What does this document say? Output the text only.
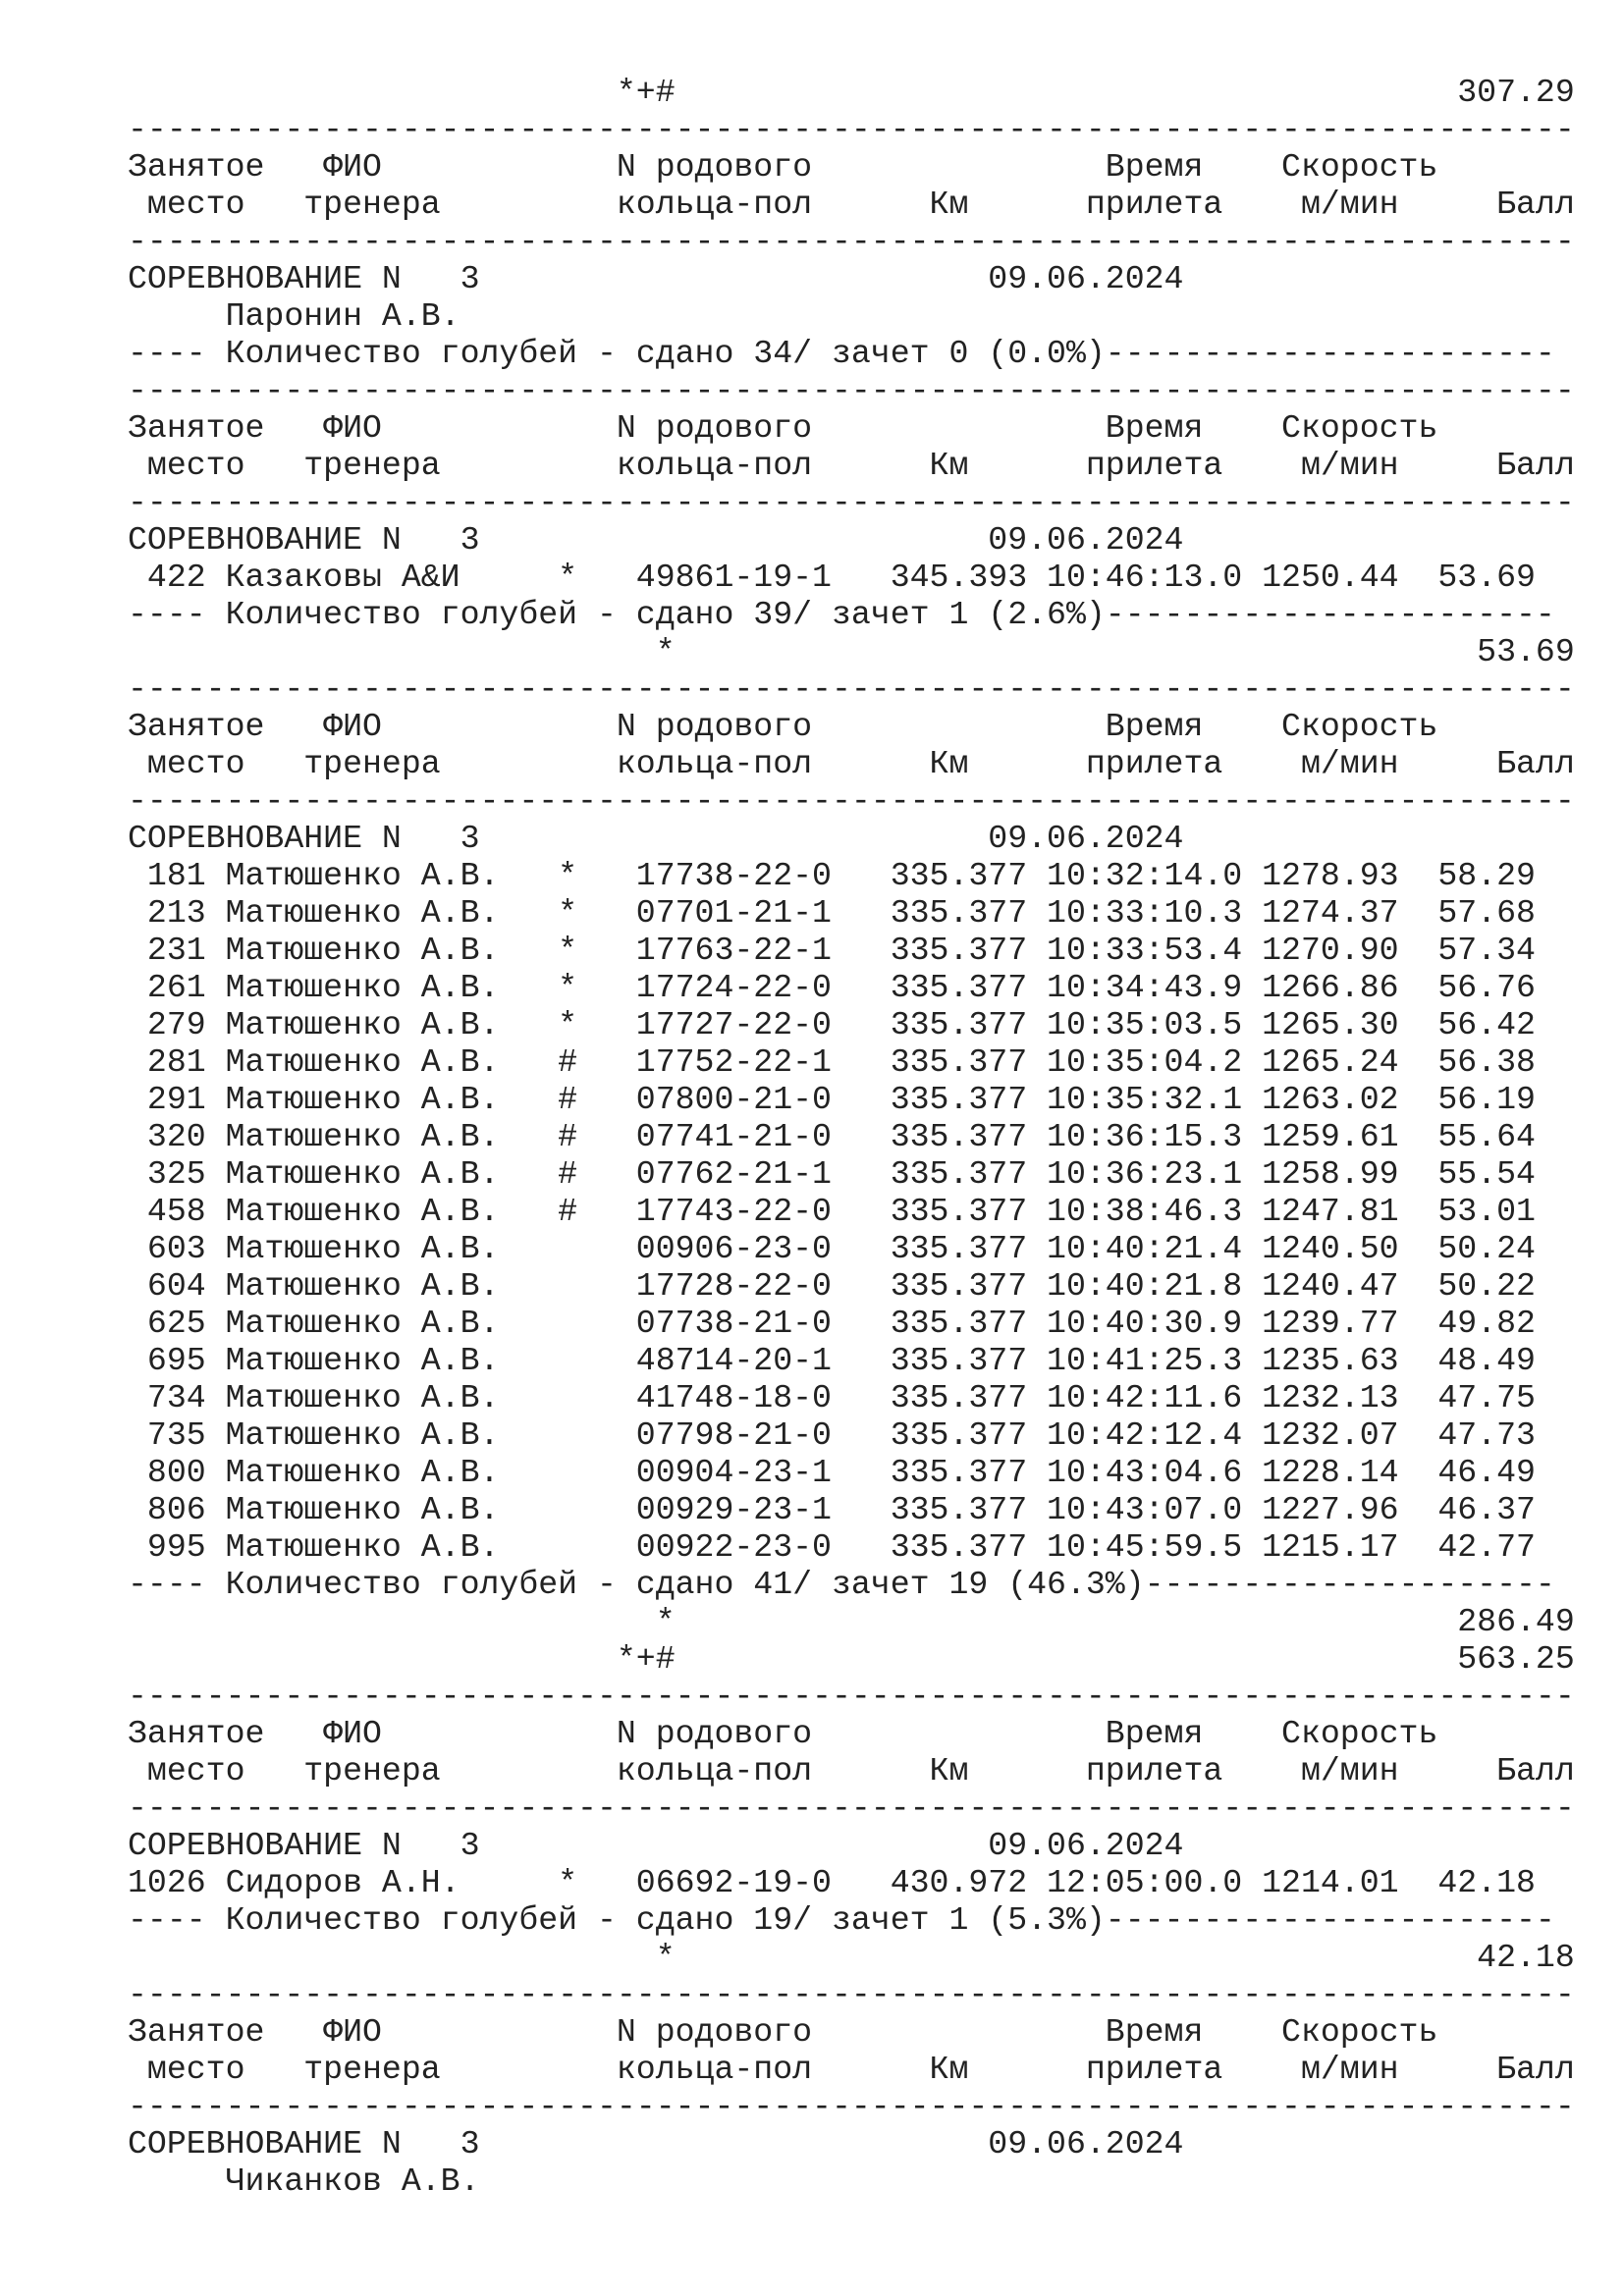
*+#                                        307.29
--------------------------------------------------------------------------
Занятое   ФИО            N родового               Время    Скорость
место   тренера         кольца-пол      Км      прилета    м/мин     Балл
--------------------------------------------------------------------------
СОРЕВНОВАНИЕ N   3                          09.06.2024
Паронин А.В.
---- Количество голубей - сдано 34/ зачет 0 (0.0%)-----------------------
--------------------------------------------------------------------------
Занятое   ФИО            N родового               Время    Скорость
место   тренера         кольца-пол      Км      прилета    м/мин     Балл
--------------------------------------------------------------------------
СОРЕВНОВАНИЕ N   3                          09.06.2024
422 Казаковы А&И     *   49861-19-1   345.393 10:46:13.0 1250.44  53.69
---- Количество голубей - сдано 39/ зачет 1 (2.6%)-----------------------
*                                         53.69
--------------------------------------------------------------------------
Занятое   ФИО            N родового               Время    Скорость
место   тренера         кольца-пол      Км      прилета    м/мин     Балл
--------------------------------------------------------------------------
СОРЕВНОВАНИЕ N   3                          09.06.2024
181 Матюшенко А.В.   *   17738-22-0   335.377 10:32:14.0 1278.93  58.29
213 Матюшенко А.В.   *   07701-21-1   335.377 10:33:10.3 1274.37  57.68
231 Матюшенко А.В.   *   17763-22-1   335.377 10:33:53.4 1270.90  57.34
261 Матюшенко А.В.   *   17724-22-0   335.377 10:34:43.9 1266.86  56.76
279 Матюшенко А.В.   *   17727-22-0   335.377 10:35:03.5 1265.30  56.42
281 Матюшенко А.В.   #   17752-22-1   335.377 10:35:04.2 1265.24  56.38
291 Матюшенко А.В.   #   07800-21-0   335.377 10:35:32.1 1263.02  56.19
320 Матюшенко А.В.   #   07741-21-0   335.377 10:36:15.3 1259.61  55.64
325 Матюшенко А.В.   #   07762-21-1   335.377 10:36:23.1 1258.99  55.54
458 Матюшенко А.В.   #   17743-22-0   335.377 10:38:46.3 1247.81  53.01
603 Матюшенко А.В.       00906-23-0   335.377 10:40:21.4 1240.50  50.24
604 Матюшенко А.В.       17728-22-0   335.377 10:40:21.8 1240.47  50.22
625 Матюшенко А.В.       07738-21-0   335.377 10:40:30.9 1239.77  49.82
695 Матюшенко А.В.       48714-20-1   335.377 10:41:25.3 1235.63  48.49
734 Матюшенко А.В.       41748-18-0   335.377 10:42:11.6 1232.13  47.75
735 Матюшенко А.В.       07798-21-0   335.377 10:42:12.4 1232.07  47.73
800 Матюшенко А.В.       00904-23-1   335.377 10:43:04.6 1228.14  46.49
806 Матюшенко А.В.       00929-23-1   335.377 10:43:07.0 1227.96  46.37
995 Матюшенко А.В.       00922-23-0   335.377 10:45:59.5 1215.17  42.77
---- Количество голубей - сдано 41/ зачет 19 (46.3%)---------------------
*                                        286.49
*+#                                        563.25
--------------------------------------------------------------------------
Занятое   ФИО            N родового               Время    Скорость
место   тренера         кольца-пол      Км      прилета    м/мин     Балл
--------------------------------------------------------------------------
СОРЕВНОВАНИЕ N   3                          09.06.2024
1026 Сидоров А.Н.     *   06692-19-0   430.972 12:05:00.0 1214.01  42.18
---- Количество голубей - сдано 19/ зачет 1 (5.3%)-----------------------
*                                         42.18
--------------------------------------------------------------------------
Занятое   ФИО            N родового               Время    Скорость
место   тренера         кольца-пол      Км      прилета    м/мин     Балл
--------------------------------------------------------------------------
СОРЕВНОВАНИЕ N   3                          09.06.2024
Чиканков А.В.
